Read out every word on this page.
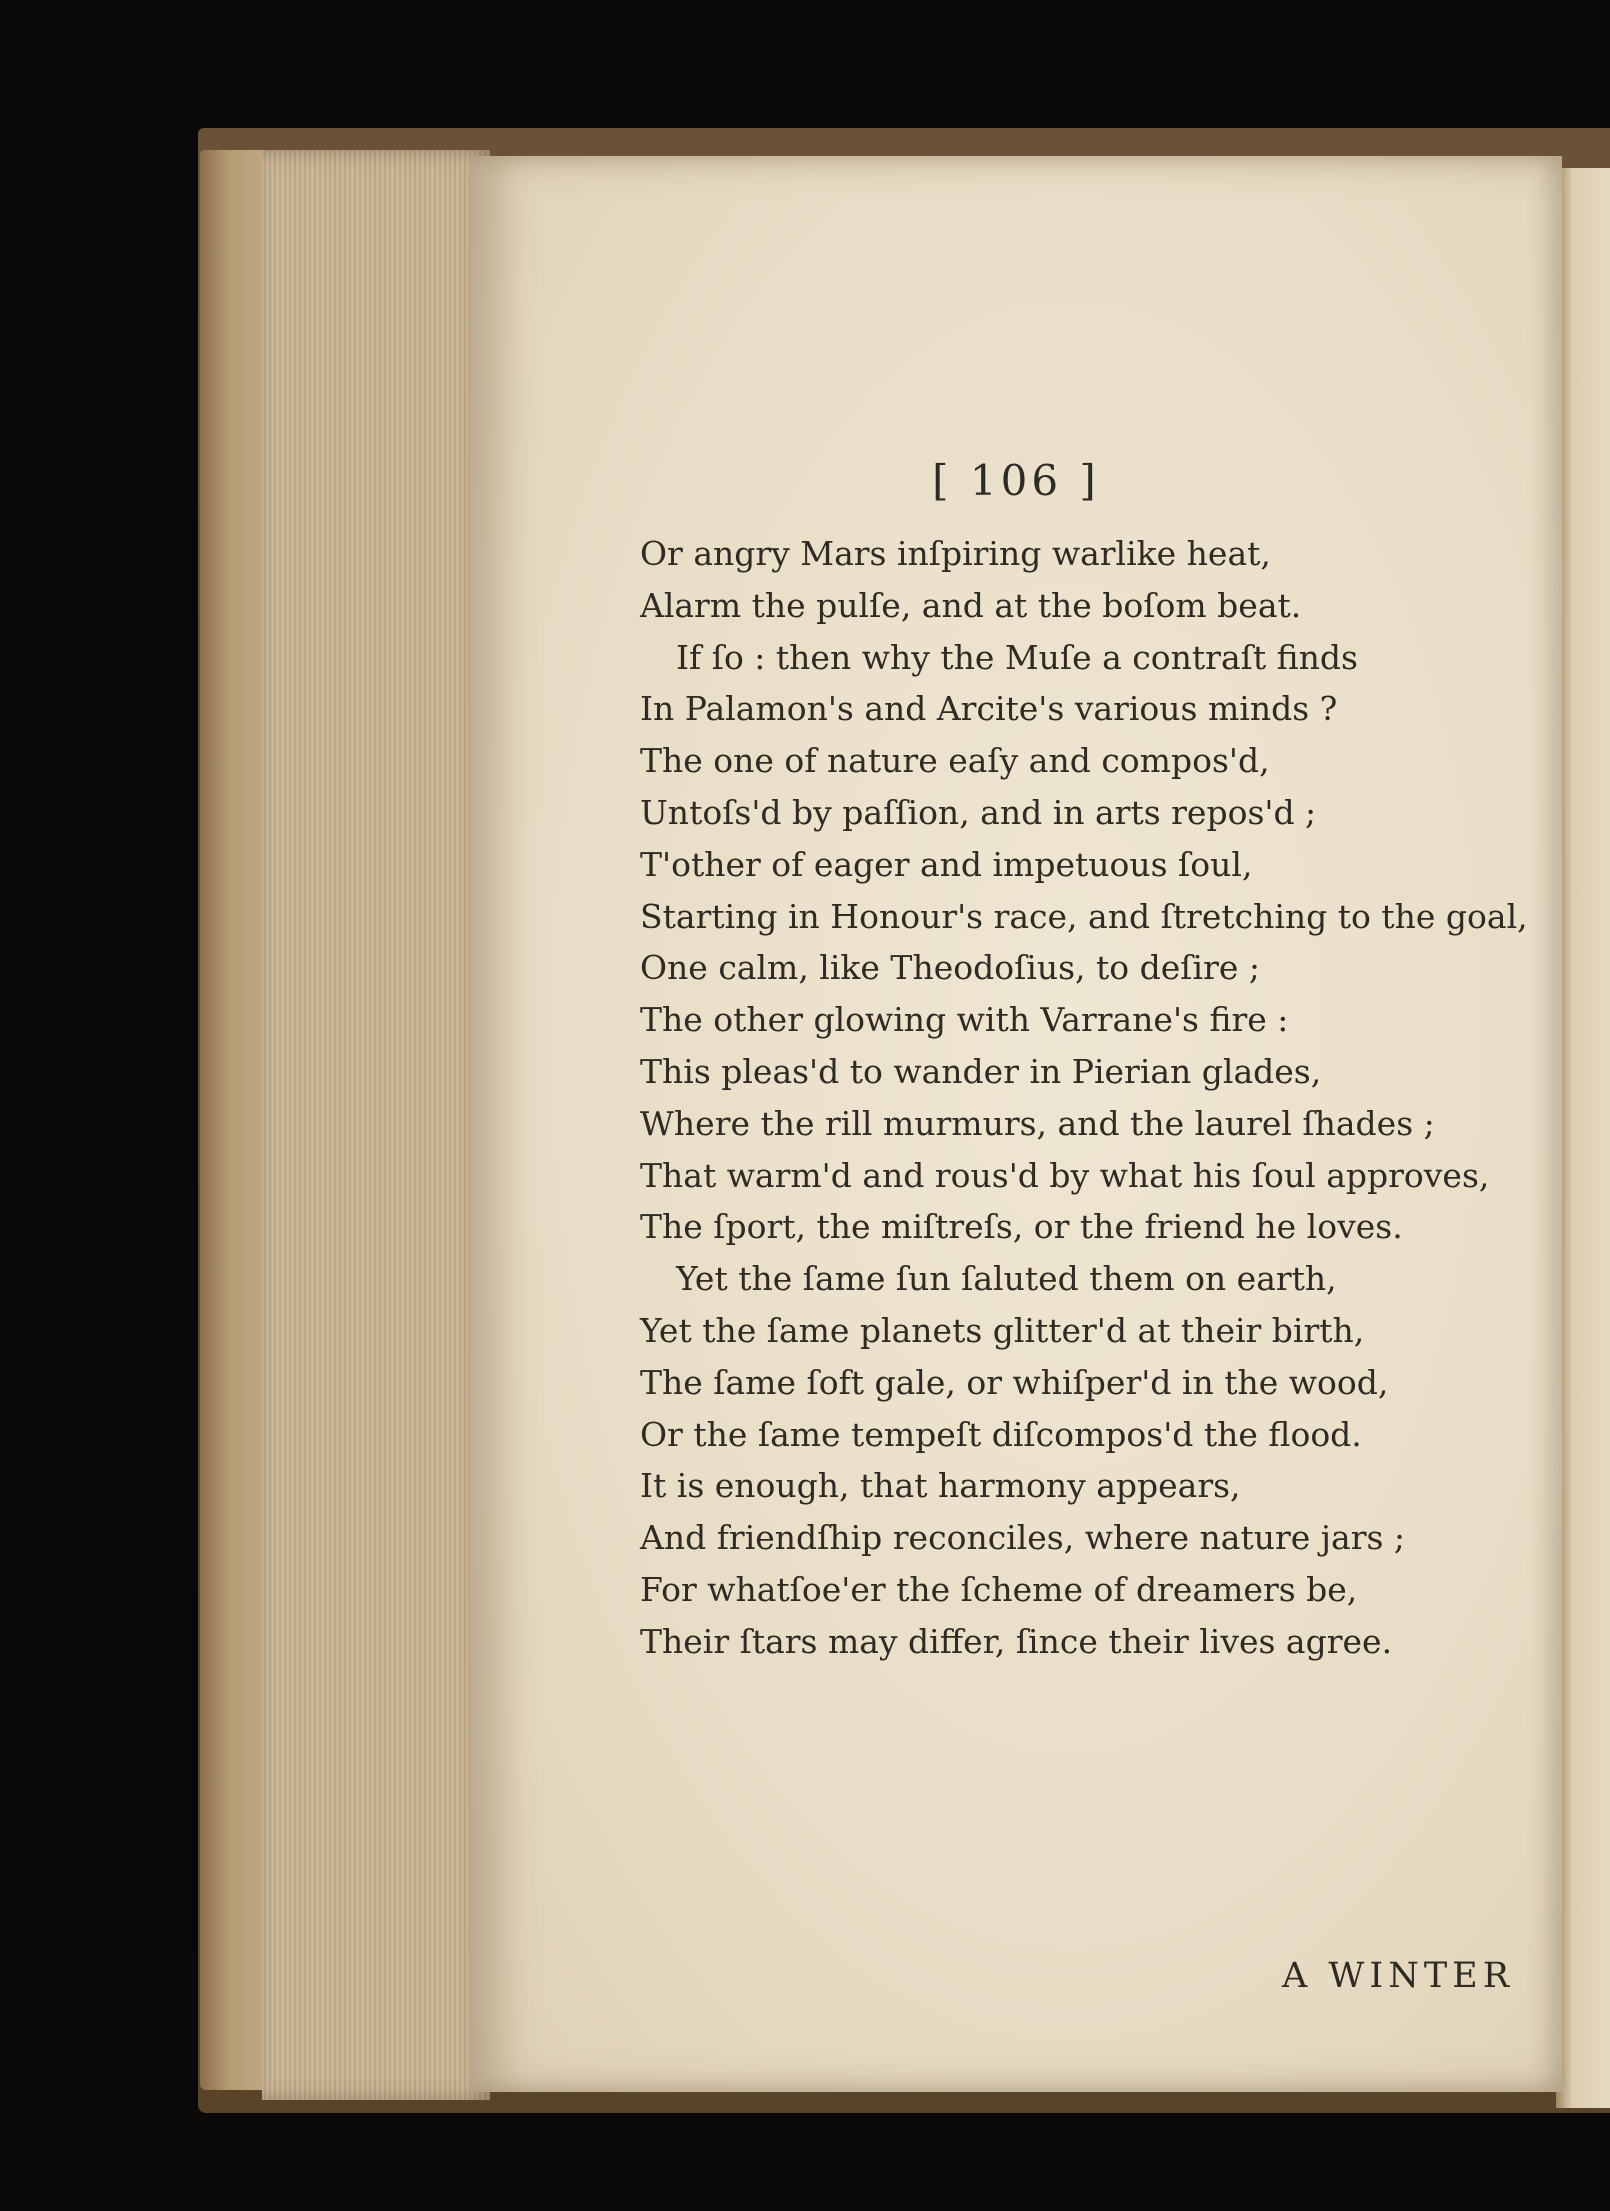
[ 106 ]
Or angry Mars inſpiring warlike heat,
Alarm the pulſe, and at the boſom beat.
If ſo : then why the Muſe a contraſt finds
In Palamon's and Arcite's various minds ?
The one of nature eaſy and compos'd,
Untoſs'd by paſſion, and in arts repos'd ;
T'other of eager and impetuous ſoul,
Starting in Honour's race, and ſtretching to the goal,
One calm, like Theodoſius, to deſire ;
The other glowing with Varrane's fire :
This pleas'd to wander in Pierian glades,
Where the rill murmurs, and the laurel ſhades ;
That warm'd and rous'd by what his ſoul approves,
The ſport, the miſtreſs, or the friend he loves.
Yet the ſame ſun ſaluted them on earth,
Yet the ſame planets glitter'd at their birth,
The ſame ſoft gale, or whiſper'd in the wood,
Or the ſame tempeſt diſcompos'd the flood.
It is enough, that harmony appears,
And friendſhip reconciles, where nature jars ;
For whatſoe'er the ſcheme of dreamers be,
Their ſtars may differ, ſince their lives agree.
A WINTER
